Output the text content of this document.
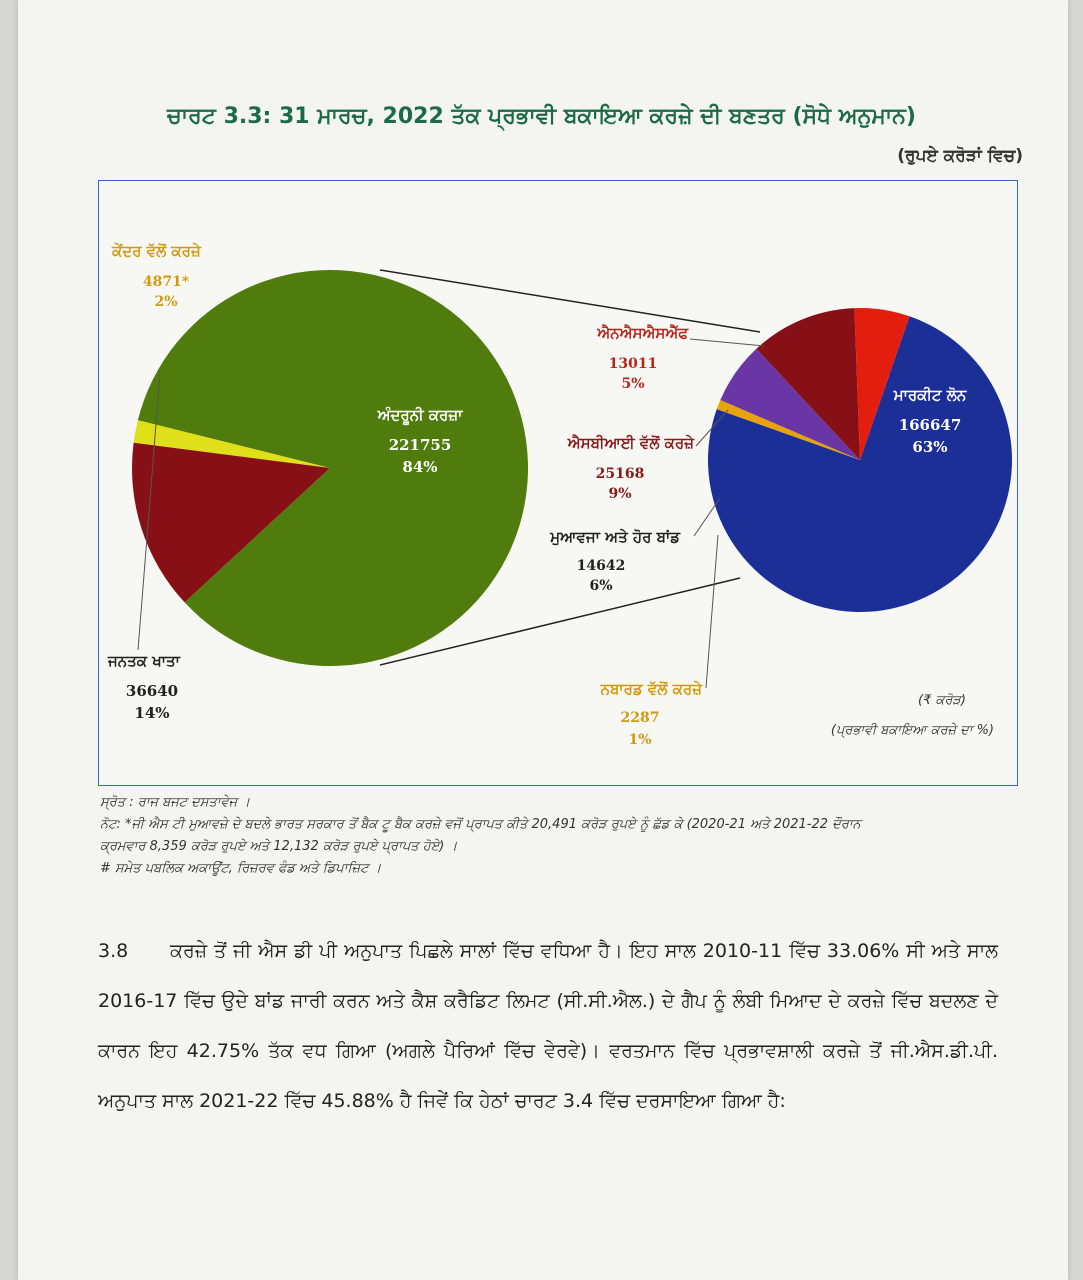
ਚਾਰਟ 3.3: 31 ਮਾਰਚ, 2022 ਤੱਕ ਪ੍ਰਭਾਵੀ ਬਕਾਇਆ ਕਰਜ਼ੇ ਦੀ ਬਣਤਰ (ਸੋਧੇ ਅਨੁਮਾਨ)
(ਰੁਪਏ ਕਰੋੜਾਂ ਵਿਚ)
ਅੰਦਰੂਨੀ ਕਰਜ਼ਾ
221755
84%
ਕੇਂਦਰ ਵੱਲੋਂ ਕਰਜ਼ੇ
4871*
2%
ਜਨਤਕ ਖਾਤਾ
36640
14%
ਮਾਰਕੀਟ ਲੋਨ
166647
63%
ਐਨਐਸਐਸਐੱਫ
13011
5%
ਐਸਬੀਆਈ ਵੱਲੋਂ ਕਰਜ਼ੇ
25168
9%
ਮੁਆਵਜਾ ਅਤੇ ਹੋਰ ਬਾਂਡ
14642
6%
ਨਬਾਰਡ ਵੱਲੋਂ ਕਰਜ਼ੇ
2287
1%
(₹ ਕਰੋੜ)
(ਪ੍ਰਭਾਵੀ ਬਕਾਇਆ ਕਰਜ਼ੇ ਦਾ %)
ਸ੍ਰੋਤ : ਰਾਜ ਬਜਟ ਦਸਤਾਵੇਜ ।
ਨੋਟ: *ਜੀ ਐਸ ਟੀ ਮੁਆਵਜ਼ੇ ਦੇ ਬਦਲੇ ਭਾਰਤ ਸਰਕਾਰ ਤੋਂ ਬੈਕ ਟੂ ਬੈਕ ਕਰਜ਼ੇ ਵਜੋਂ ਪ੍ਰਾਪਤ ਕੀਤੇ 20,491 ਕਰੋੜ ਰੁਪਏ ਨੂੰ ਛੱਡ ਕੇ (2020-21 ਅਤੇ 2021-22 ਦੌਰਾਨ
ਕ੍ਰਮਵਾਰ 8,359 ਕਰੋੜ ਰੁਪਏ ਅਤੇ 12,132 ਕਰੋੜ ਰੁਪਏ ਪ੍ਰਾਪਤ ਹੋਏ) ।
# ਸਮੇਤ ਪਬਲਿਕ ਅਕਾਊਂਟ, ਰਿਜ਼ਰਵ ਫੰਡ ਅਤੇ ਡਿਪਾਜ਼ਿਟ ।
3.8 ਕਰਜ਼ੇ ਤੋਂ ਜੀ ਐਸ ਡੀ ਪੀ ਅਨੁਪਾਤ ਪਿਛਲੇ ਸਾਲਾਂ ਵਿੱਚ ਵਧਿਆ ਹੈ। ਇਹ ਸਾਲ 2010-11 ਵਿੱਚ 33.06% ਸੀ ਅਤੇ ਸਾਲ 2016-17 ਵਿੱਚ ਉਦੇ ਬਾਂਡ ਜਾਰੀ ਕਰਨ ਅਤੇ ਕੈਸ਼ ਕਰੈਡਿਟ ਲਿਮਟ (ਸੀ.ਸੀ.ਐਲ.) ਦੇ ਗੈਪ ਨੂੰ ਲੰਬੀ ਮਿਆਦ ਦੇ ਕਰਜ਼ੇ ਵਿੱਚ ਬਦਲਣ ਦੇ ਕਾਰਨ ਇਹ 42.75% ਤੱਕ ਵਧ ਗਿਆ (ਅਗਲੇ ਪੈਰਿਆਂ ਵਿੱਚ ਵੇਰਵੇ)। ਵਰਤਮਾਨ ਵਿੱਚ ਪ੍ਰਭਾਵਸ਼ਾਲੀ ਕਰਜ਼ੇ ਤੋਂ ਜੀ.ਐਸ.ਡੀ.ਪੀ. ਅਨੁਪਾਤ ਸਾਲ 2021-22 ਵਿੱਚ 45.88% ਹੈ ਜਿਵੇਂ ਕਿ ਹੇਠਾਂ ਚਾਰਟ 3.4 ਵਿੱਚ ਦਰਸਾਇਆ ਗਿਆ ਹੈ:
